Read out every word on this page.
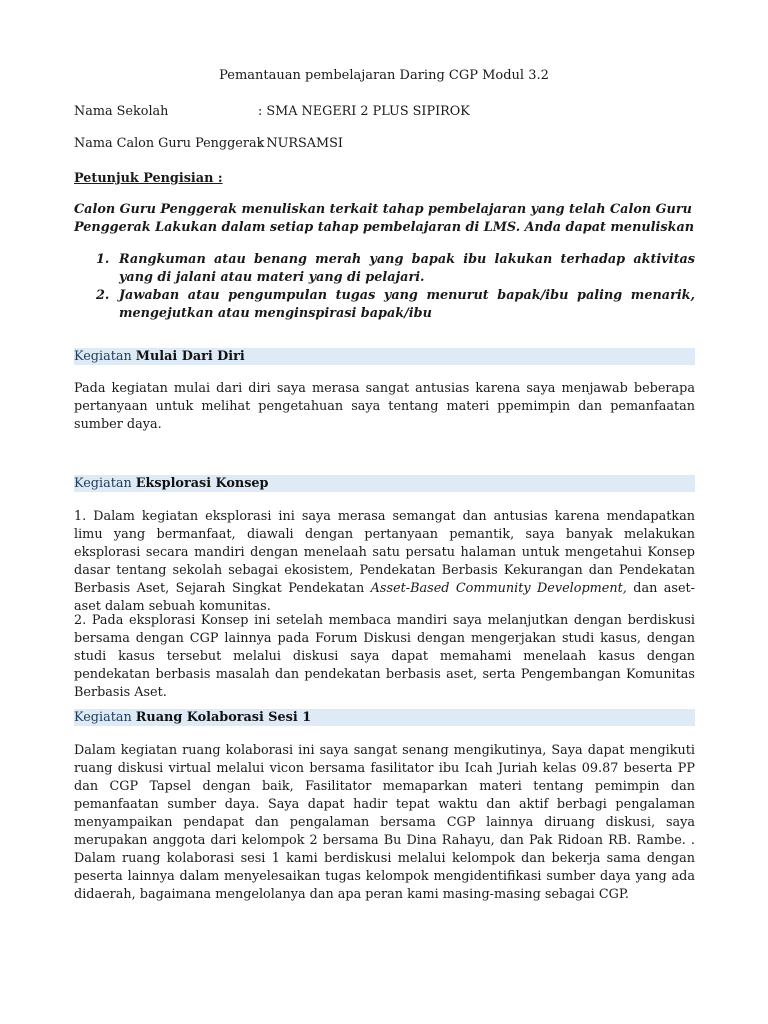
Pemantauan pembelajaran Daring CGP Modul 3.2
Nama Sekolah	: SMA NEGERI 2 PLUS SIPIROK
Nama Calon Guru Penggerak: NURSAMSI
Petunjuk Pengisian :
Calon Guru Penggerak menuliskan terkait tahap pembelajaran yang telah Calon Guru Penggerak Lakukan dalam setiap tahap pembelajaran di LMS. Anda dapat menuliskan
1. Rangkuman atau benang merah yang bapak ibu lakukan terhadap aktivitas yang di jalani atau materi yang di pelajari.
2. Jawaban atau pengumpulan tugas yang menurut bapak/ibu paling menarik, mengejutkan atau menginspirasi bapak/ibu
Kegiatan Mulai Dari Diri
Pada kegiatan mulai dari diri saya merasa sangat antusias karena saya menjawab beberapa pertanyaan untuk melihat pengetahuan saya tentang materi ppemimpin dan pemanfaatan sumber daya.
Kegiatan Eksplorasi Konsep
1. Dalam kegiatan eksplorasi ini saya merasa semangat dan antusias karena mendapatkan limu yang bermanfaat, diawali dengan pertanyaan pemantik, saya banyak melakukan eksplorasi secara mandiri dengan menelaah satu persatu halaman untuk mengetahui Konsep dasar tentang sekolah sebagai ekosistem, Pendekatan Berbasis Kekurangan dan Pendekatan Berbasis Aset, Sejarah Singkat Pendekatan Asset-Based Community Development, dan aset-aset dalam sebuah komunitas.
2. Pada eksplorasi Konsep ini setelah membaca mandiri saya melanjutkan dengan berdiskusi bersama dengan CGP lainnya pada Forum Diskusi dengan mengerjakan studi kasus, dengan studi kasus tersebut melalui diskusi saya dapat memahami menelaah kasus dengan pendekatan berbasis masalah dan pendekatan berbasis aset, serta Pengembangan Komunitas Berbasis Aset.
Kegiatan Ruang Kolaborasi Sesi 1
Dalam kegiatan ruang kolaborasi ini saya sangat senang mengikutinya, Saya dapat mengikuti ruang diskusi virtual melalui vicon bersama fasilitator ibu Icah Juriah kelas 09.87 beserta PP dan CGP Tapsel dengan baik, Fasilitator memaparkan materi tentang pemimpin dan pemanfaatan sumber daya. Saya dapat hadir tepat waktu dan aktif berbagi pengalaman menyampaikan pendapat dan pengalaman bersama CGP lainnya diruang diskusi, saya merupakan anggota dari kelompok 2 bersama Bu Dina Rahayu, dan Pak Ridoan RB. Rambe. . Dalam ruang kolaborasi sesi 1 kami berdiskusi melalui kelompok dan bekerja sama dengan peserta lainnya dalam menyelesaikan tugas kelompok mengidentifikasi sumber daya yang ada didaerah, bagaimana mengelolanya dan apa peran kami masing-masing sebagai CGP.
